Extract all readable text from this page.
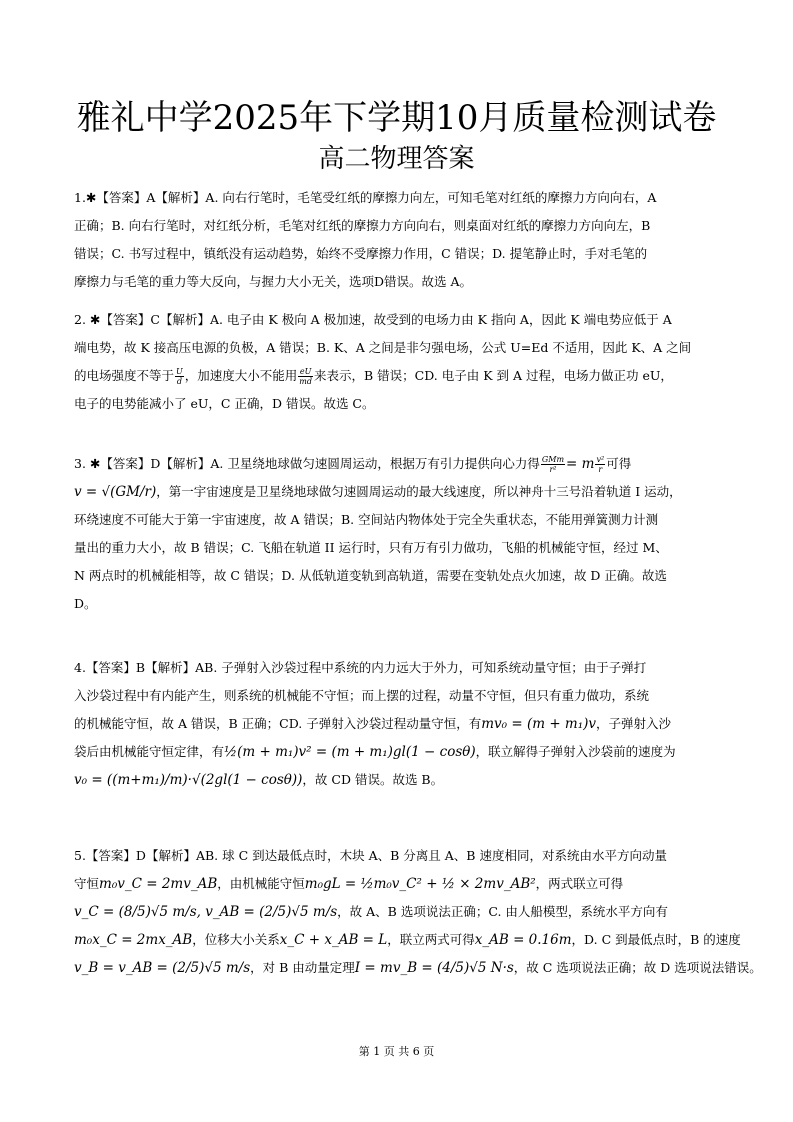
雅礼中学2025年下学期10月质量检测试卷
高二物理答案

1.✱【答案】A【解析】A. 向右行笔时，毛笔受红纸的摩擦力向左，可知毛笔对红纸的摩擦力方向向右，A

正确；B. 向右行笔时，对红纸分析，毛笔对红纸的摩擦力方向向右，则桌面对红纸的摩擦力方向向左，B

错误；C. 书写过程中，镇纸没有运动趋势，始终不受摩擦力作用，C 错误；D. 提笔静止时，手对毛笔的

摩擦力与毛笔的重力等大反向，与握力大小无关，选项D错误。故选 A。

2. ✱【答案】C【解析】A. 电子由 K 极向 A 极加速，故受到的电场力由 K 指向 A，因此 K 端电势应低于 A

端电势，故 K 接高压电源的负极，A 错误；B. K、A 之间是非匀强电场，公式 U=Ed 不适用，因此 K、A 之间

的电场强度不等于 $\frac{U}{d}$ ，加速度大小不能用 $\frac{eU}{md}$ 来表示，B 错误；CD. 电子由 K 到 A 过程，电场力做正功 eU，

电子的电势能减小了 eU，C 正确，D 错误。故选 C。

3. ✱【答案】D【解析】A. 卫星绕地球做匀速圆周运动，根据万有引力提供向心力得 $\frac{\text{GMm}}{\text{r²}} = m \frac{\text{v²}}{r}$ 可得

v = √(GM/r)，第一宇宙速度是卫星绕地球做匀速圆周运动的最大线速度，所以神舟十三号沿着轨道 I 运动，

环绕速度不可能大于第一宇宙速度，故 A 错误；B. 空间站内物体处于完全失重状态，不能用弹簧测力计测

量出的重力大小，故 B 错误；C. 飞船在轨道 II 运行时，只有万有引力做功，飞船的机械能守恒，经过 M、

N 两点时的机械能相等，故 C 错误；D. 从低轨道变轨到高轨道，需要在变轨处点火加速，故 D 正确。故选

D。

4.【答案】B【解析】AB. 子弹射入沙袋过程中系统的内力远大于外力，可知系统动量守恒；由于子弹打

入沙袋过程中有内能产生，则系统的机械能不守恒；而上摆的过程，动量不守恒，但只有重力做功，系统

的机械能守恒，故 A 错误，B 正确；CD. 子弹射入沙袋过程动量守恒，有mv₀ = (m + m₁)v，子弹射入沙

袋后由机械能守恒定律，有½(m + m₁)v² = (m + m₁)gl(1 − cosθ)，联立解得子弹射入沙袋前的速度为

v₀ = ((m+m₁)/m)·√(2gl(1 − cosθ))，故 CD 错误。故选 B。

5.【答案】D【解析】AB. 球 C 到达最低点时，木块 A、B 分离且 A、B 速度相同，对系统由水平方向动量

守恒m₀v_C = 2mv_AB，由机械能守恒m₀gL = ½m₀v_C² + ½ × 2mv_AB²，两式联立可得

v_C = (8/5)√5 m/s, v_AB = (2/5)√5 m/s，故 A、B 选项说法正确；C. 由人船模型，系统水平方向有

m₀x_C = 2mx_AB，位移大小关系x_C + x_AB = L，联立两式可得x_AB = 0.16m，D. C 到最低点时，B 的速度

v_B = v_AB = (2/5)√5 m/s，对 B 由动量定理I = mv_B = (4/5)√5 N·s，故 C 选项说法正确；故 D 选项说法错误。

第 1 页 共 6 页
